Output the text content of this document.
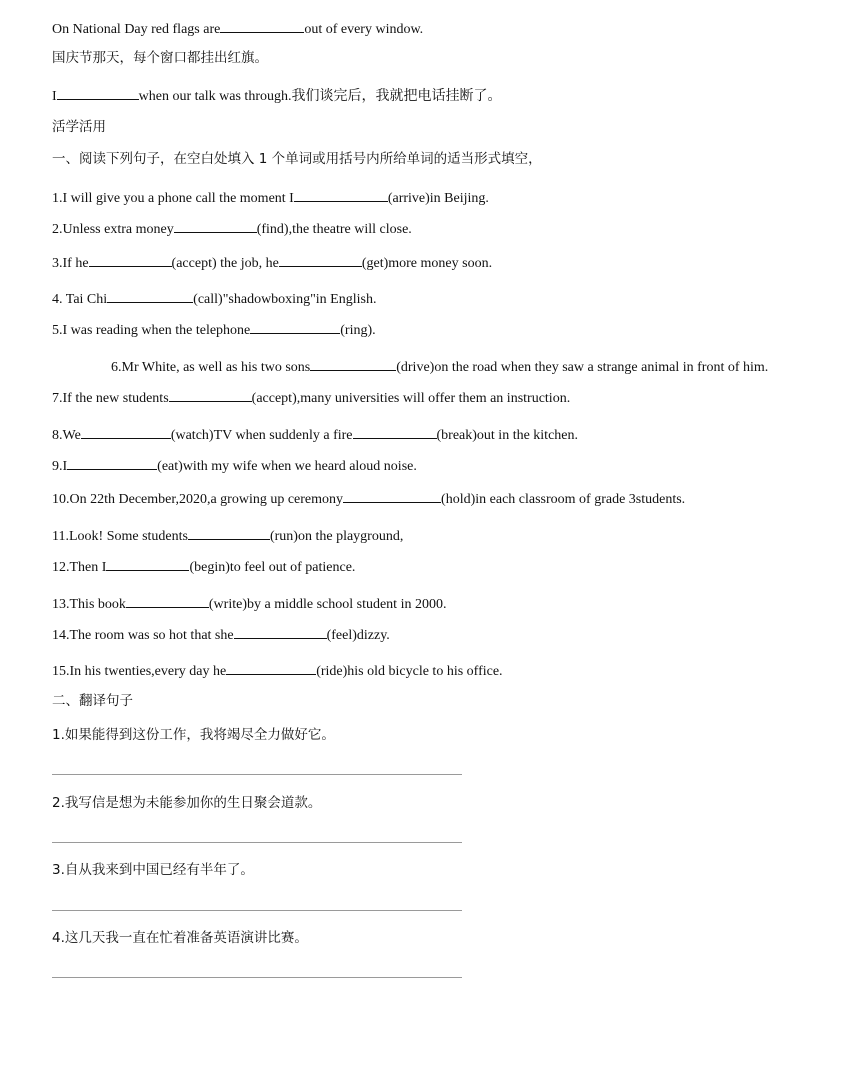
On National Day red flags are	out of every window.
国庆节那天，每个窗口都挂出红旗。
I	when our talk was through.我们谈完后，我就把电话挂断了。
活学活用
一、阅读下列句子，在空白处填入 1 个单词或用括号内所给单词的适当形式填空，
1.I will give you a phone call the moment I	(arrive)in Beijing.
2.Unless extra money	(find),the theatre will close.
3.If he	(accept) the job, he	(get)more money soon.
4. Tai Chi	(call)"shadowboxing"in English.
5.I was reading when the telephone	(ring).
6.Mr White, as well as his two sons	(drive)on the road when they saw a strange animal in front of him.
7.If the new students	(accept),many universities will offer them an instruction.
8.We	(watch)TV when suddenly a fire	(break)out in the kitchen.
9.I	(eat)with my wife when we heard aloud noise.
10.On 22th December,2020,a growing up ceremony	(hold)in each classroom of grade 3students.
11.Look! Some students	(run)on the playground,
12.Then I	(begin)to feel out of patience.
13.This book	(write)by a middle school student in 2000.
14.The room was so hot that she	(feel)dizzy.
15.In his twenties,every day he	(ride)his old bicycle to his office.
二、翻译句子
1.如果能得到这份工作，我将竭尽全力做好它。
2.我写信是想为未能参加你的生日聚会道款。
3.自从我来到中国已经有半年了。
4.这几天我一直在忙着准备英语演讲比赛。
